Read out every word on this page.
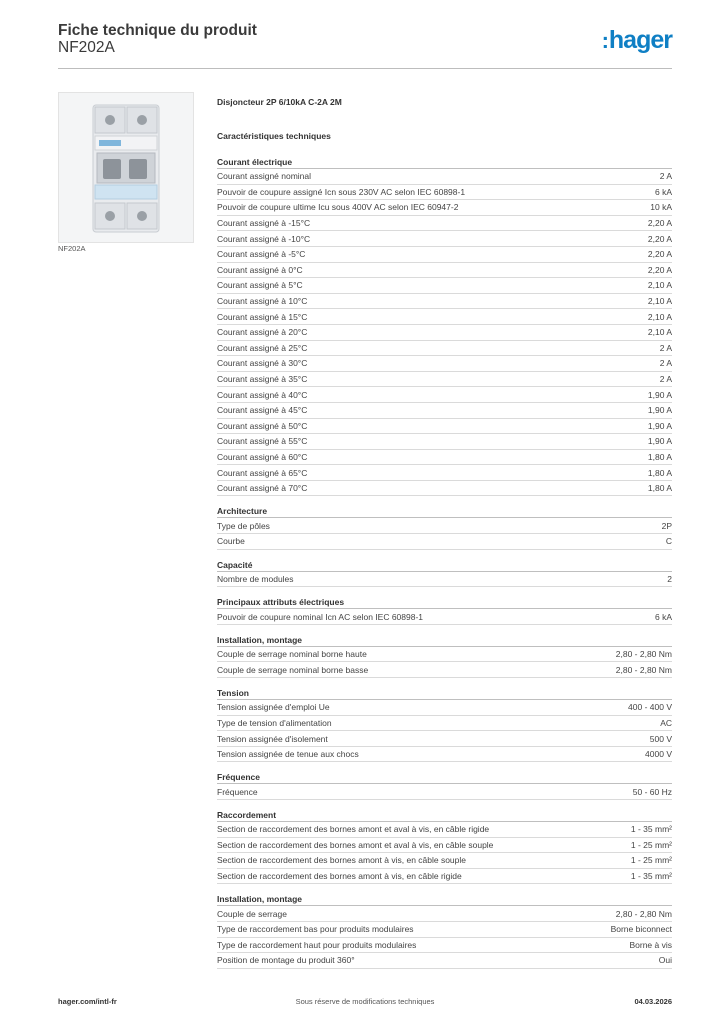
Fiche technique du produit
NF202A	:hager
NF202A
Disjoncteur 2P 6/10kA C-2A 2M
Caractéristiques techniques
Courant électrique
Courant assigné nominal	2 A
Pouvoir de coupure assigné Icn sous 230V AC selon IEC 60898-1	6 kA
Pouvoir de coupure ultime Icu sous 400V AC selon IEC 60947-2	10 kA
Courant assigné à -15°C	2,20 A
Courant assigné à -10°C	2,20 A
Courant assigné à -5°C	2,20 A
Courant assigné à 0°C	2,20 A
Courant assigné à 5°C	2,10 A
Courant assigné à 10°C	2,10 A
Courant assigné à 15°C	2,10 A
Courant assigné à 20°C	2,10 A
Courant assigné à 25°C	2 A
Courant assigné à 30°C	2 A
Courant assigné à 35°C	2 A
Courant assigné à 40°C	1,90 A
Courant assigné à 45°C	1,90 A
Courant assigné à 50°C	1,90 A
Courant assigné à 55°C	1,90 A
Courant assigné à 60°C	1,80 A
Courant assigné à 65°C	1,80 A
Courant assigné à 70°C	1,80 A
Architecture
Type de pôles	2P
Courbe	C
Capacité
Nombre de modules	2
Principaux attributs électriques
Pouvoir de coupure nominal Icn AC selon IEC 60898-1	6 kA
Installation, montage
Couple de serrage nominal borne haute	2,80 - 2,80 Nm
Couple de serrage nominal borne basse	2,80 - 2,80 Nm
Tension
Tension assignée d'emploi Ue	400 - 400 V
Type de tension d'alimentation	AC
Tension assignée d'isolement	500 V
Tension assignée de tenue aux chocs	4000 V
Fréquence
Fréquence	50 - 60 Hz
Raccordement
Section de raccordement des bornes amont et aval à vis, en câble rigide	1 - 35 mm²
Section de raccordement des bornes amont et aval à vis, en câble souple	1 - 25 mm²
Section de raccordement des bornes amont à vis, en câble souple	1 - 25 mm²
Section de raccordement des bornes amont à vis, en câble rigide	1 - 35 mm²
Installation, montage
Couple de serrage	2,80 - 2,80 Nm
Type de raccordement bas pour produits modulaires	Borne biconnect
Type de raccordement haut pour produits modulaires	Borne à vis
Position de montage du produit 360°	Oui
hager.com/intl-fr	Sous réserve de modifications techniques	04.03.2026
